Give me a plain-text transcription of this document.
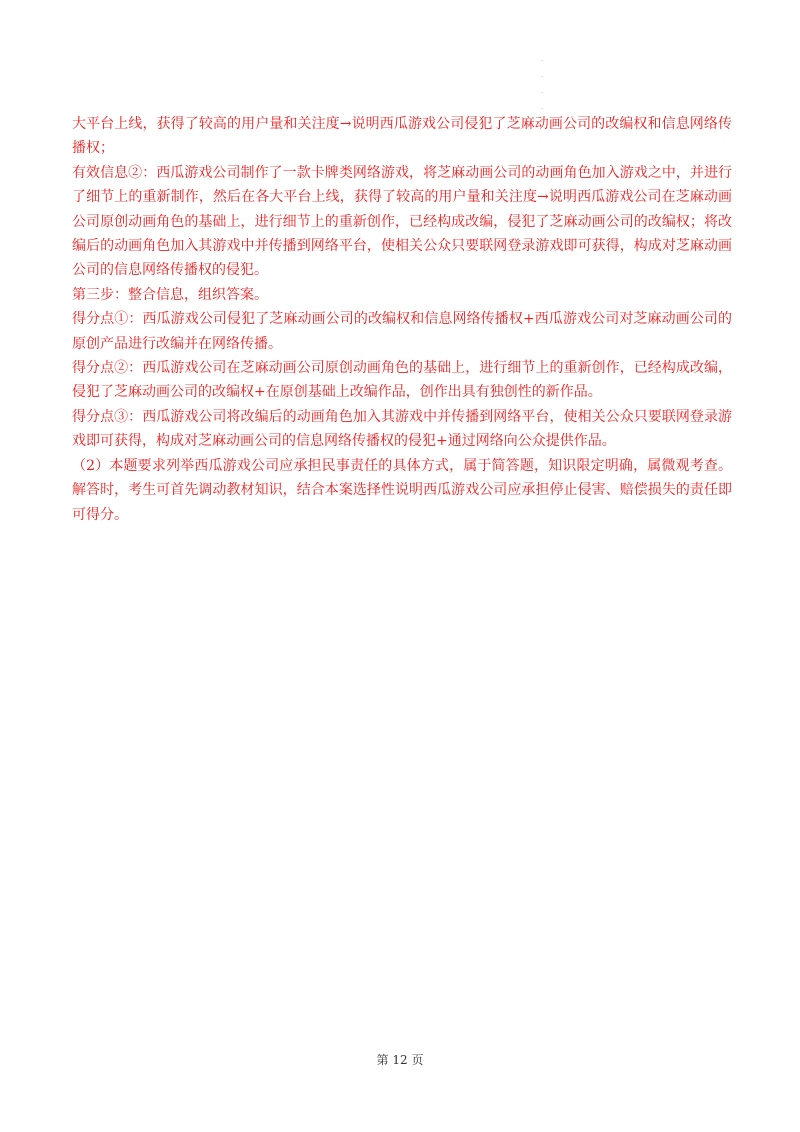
.
.
.
.

大平台上线，获得了较高的用户量和关注度→说明西瓜游戏公司侵犯了芝麻动画公司的改编权和信息网络传播权；

有效信息②：西瓜游戏公司制作了一款卡牌类网络游戏，将芝麻动画公司的动画角色加入游戏之中，并进行了细节上的重新制作，然后在各大平台上线，获得了较高的用户量和关注度→说明西瓜游戏公司在芝麻动画公司原创动画角色的基础上，进行细节上的重新创作，已经构成改编，侵犯了芝麻动画公司的改编权；将改编后的动画角色加入其游戏中并传播到网络平台，使相关公众只要联网登录游戏即可获得，构成对芝麻动画公司的信息网络传播权的侵犯。

第三步：整合信息，组织答案。

得分点①：西瓜游戏公司侵犯了芝麻动画公司的改编权和信息网络传播权+西瓜游戏公司对芝麻动画公司的原创产品进行改编并在网络传播。

得分点②：西瓜游戏公司在芝麻动画公司原创动画角色的基础上，进行细节上的重新创作，已经构成改编，侵犯了芝麻动画公司的改编权+在原创基础上改编作品，创作出具有独创性的新作品。

得分点③：西瓜游戏公司将改编后的动画角色加入其游戏中并传播到网络平台，使相关公众只要联网登录游戏即可获得，构成对芝麻动画公司的信息网络传播权的侵犯+通过网络向公众提供作品。

（2）本题要求列举西瓜游戏公司应承担民事责任的具体方式，属于简答题，知识限定明确，属微观考查。解答时，考生可首先调动教材知识，结合本案选择性说明西瓜游戏公司应承担停止侵害、赔偿损失的责任即可得分。

第 12 页
